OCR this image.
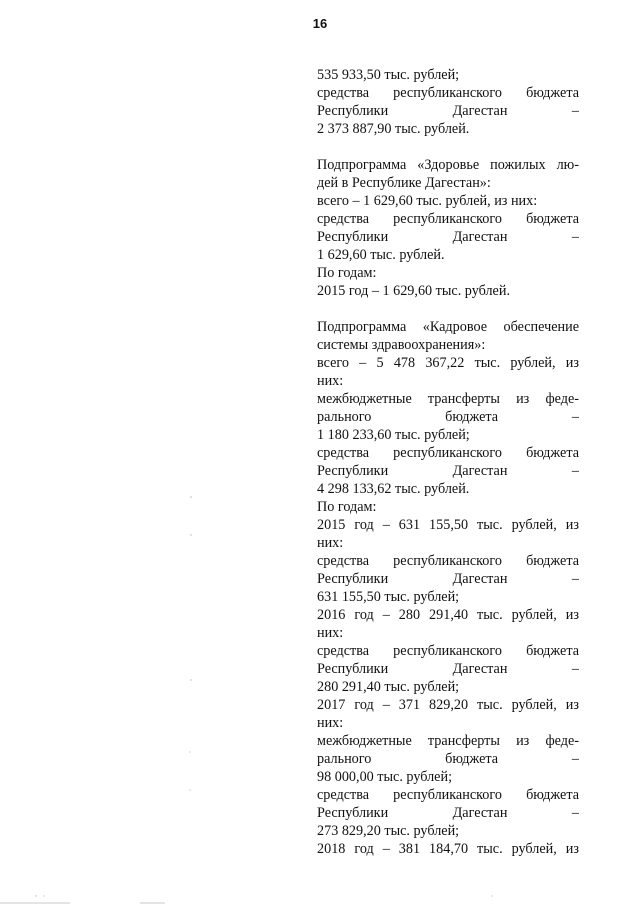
16
535 933,50 тыс. рублей;
средства республиканского бюджета
Республики Дагестан –
2 373 887,90 тыс. рублей.
Подпрограмма «Здоровье пожилых лю-
дей в Республике Дагестан»:
всего – 1 629,60 тыс. рублей, из них:
средства республиканского бюджета
Республики Дагестан –
1 629,60 тыс. рублей.
По годам:
2015 год – 1 629,60 тыс. рублей.
Подпрограмма «Кадровое обеспечение
системы здравоохранения»:
всего – 5 478 367,22 тыс. рублей, из
них:
межбюджетные трансферты из феде-
рального бюджета –
1 180 233,60 тыс. рублей;
средства республиканского бюджета
Республики Дагестан –
4 298 133,62 тыс. рублей.
По годам:
2015 год – 631 155,50 тыс. рублей, из
них:
средства республиканского бюджета
Республики Дагестан –
631 155,50 тыс. рублей;
2016 год – 280 291,40 тыс. рублей, из
них:
средства республиканского бюджета
Республики Дагестан –
280 291,40 тыс. рублей;
2017 год – 371 829,20 тыс. рублей, из
них:
межбюджетные трансферты из феде-
рального бюджета –
98 000,00 тыс. рублей;
средства республиканского бюджета
Республики Дагестан –
273 829,20 тыс. рублей;
2018 год – 381 184,70 тыс. рублей, из
